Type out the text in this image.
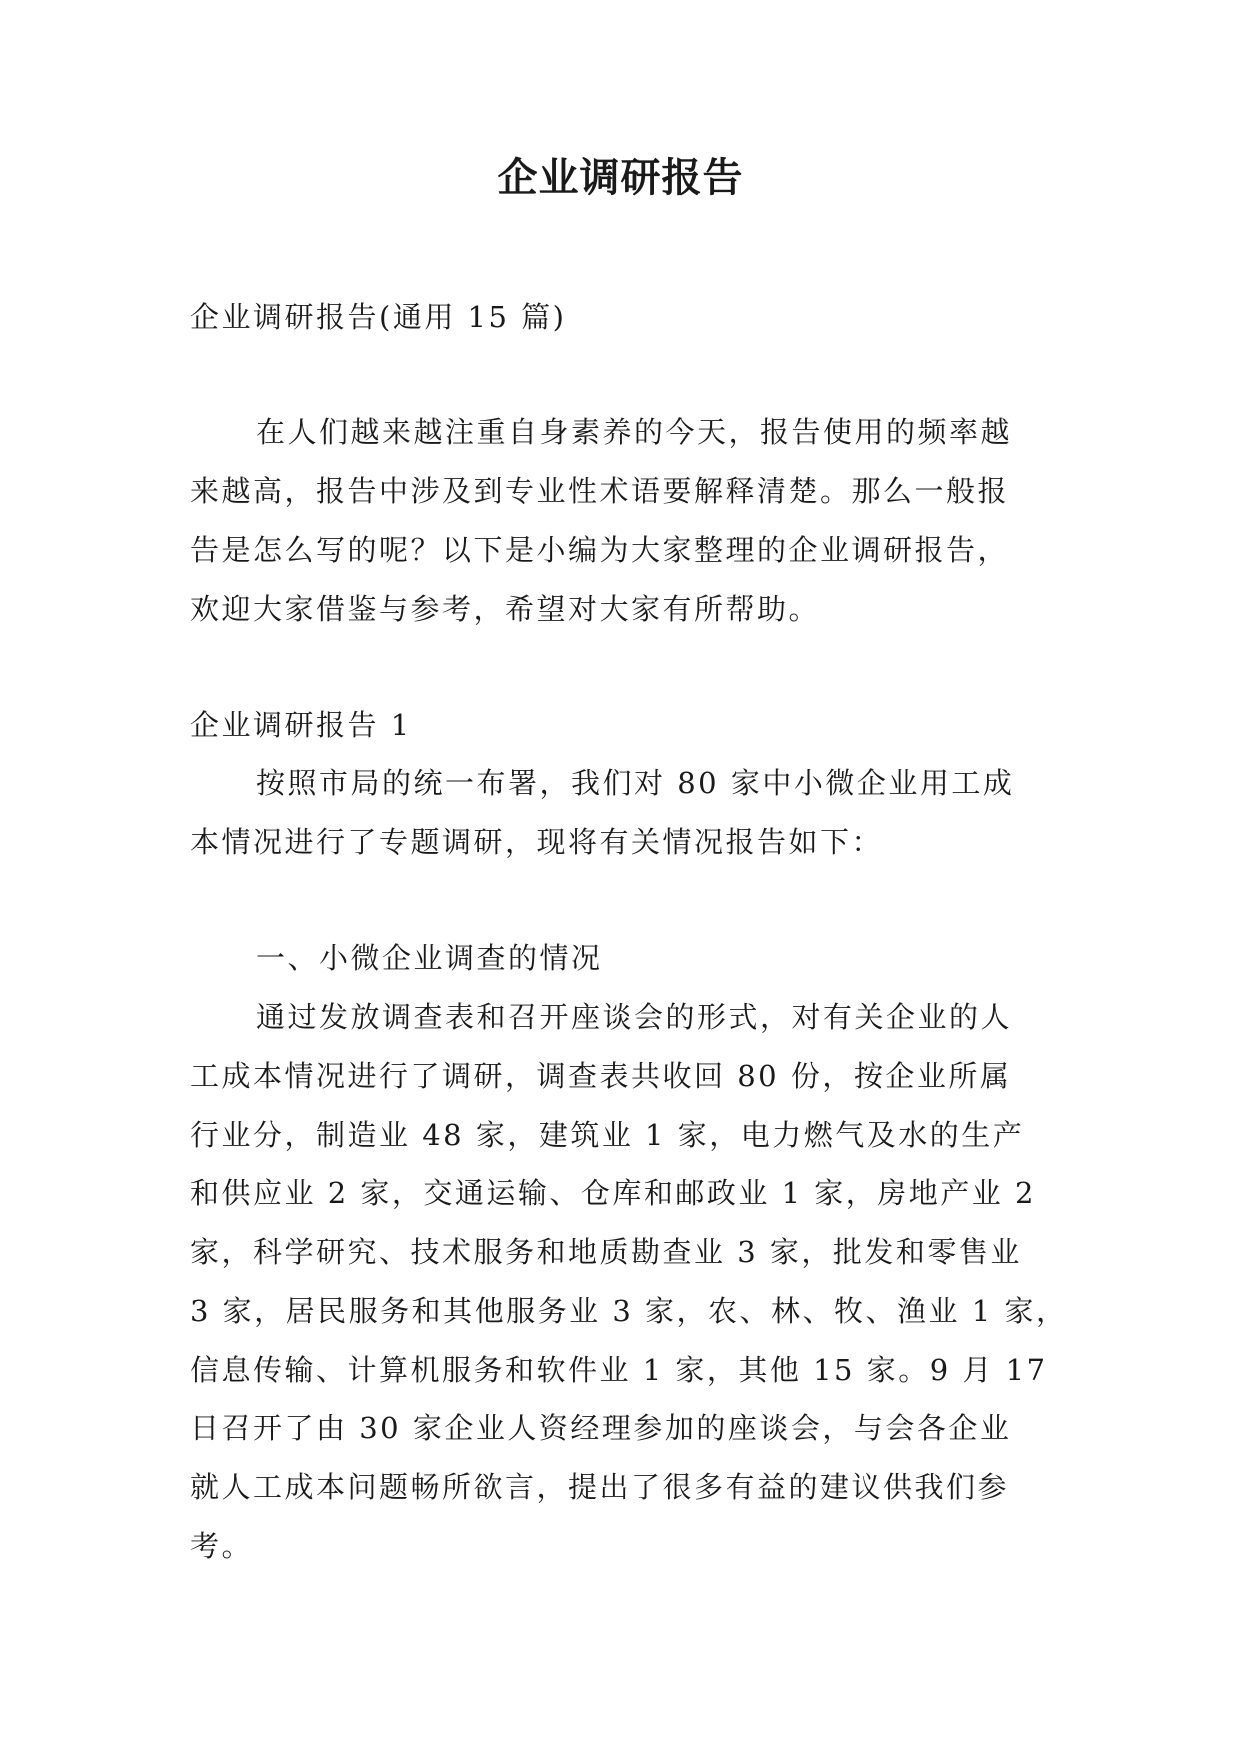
企业调研报告

企业调研报告(通用 15 篇)

在人们越来越注重自身素养的今天，报告使用的频率越

来越高，报告中涉及到专业性术语要解释清楚。那么一般报

告是怎么写的呢？以下是小编为大家整理的企业调研报告，

欢迎大家借鉴与参考，希望对大家有所帮助。

企业调研报告 1

按照市局的统一布署，我们对 80 家中小微企业用工成

本情况进行了专题调研，现将有关情况报告如下：

一、小微企业调查的情况

通过发放调查表和召开座谈会的形式，对有关企业的人

工成本情况进行了调研，调查表共收回 80 份，按企业所属

行业分，制造业 48 家，建筑业 1 家，电力燃气及水的生产

和供应业 2 家，交通运输、仓库和邮政业 1 家，房地产业 2

家，科学研究、技术服务和地质勘查业 3 家，批发和零售业

3 家，居民服务和其他服务业 3 家，农、林、牧、渔业 1 家，

信息传输、计算机服务和软件业 1 家，其他 15 家。9 月 17

日召开了由 30 家企业人资经理参加的座谈会，与会各企业

就人工成本问题畅所欲言，提出了很多有益的建议供我们参

考。
